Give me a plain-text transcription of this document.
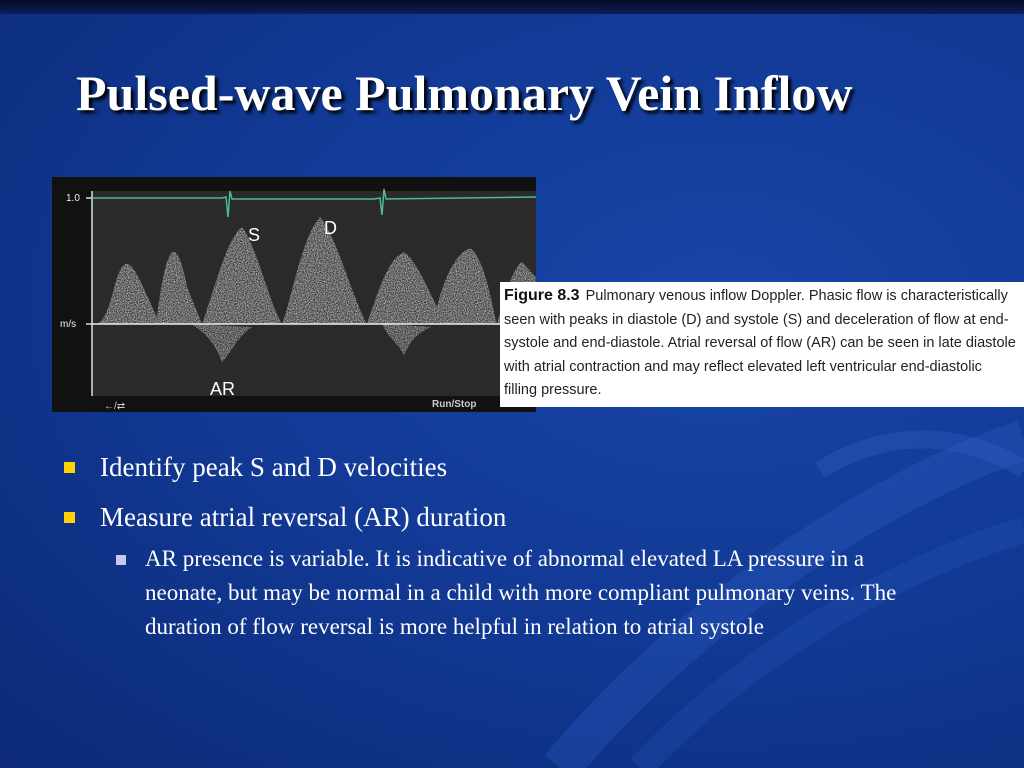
Pulsed-wave Pulmonary Vein Inflow
1.0
m/s
S	D
AR
←/⇄	Run/Stop
Figure 8.3 Pulmonary venous inflow Doppler. Phasic flow is characteristically seen with peaks in diastole (D) and systole (S) and deceleration of flow at end-systole and end-diastole. Atrial reversal of flow (AR) can be seen in late diastole with atrial contraction and may reflect elevated left ventricular end-diastolic filling pressure.
Identify peak S and D velocities
Measure atrial reversal (AR) duration
AR presence is variable. It is indicative of abnormal elevated LA pressure in a neonate, but may be normal in a child with more compliant pulmonary veins. The duration of flow reversal is more helpful in relation to atrial systole
